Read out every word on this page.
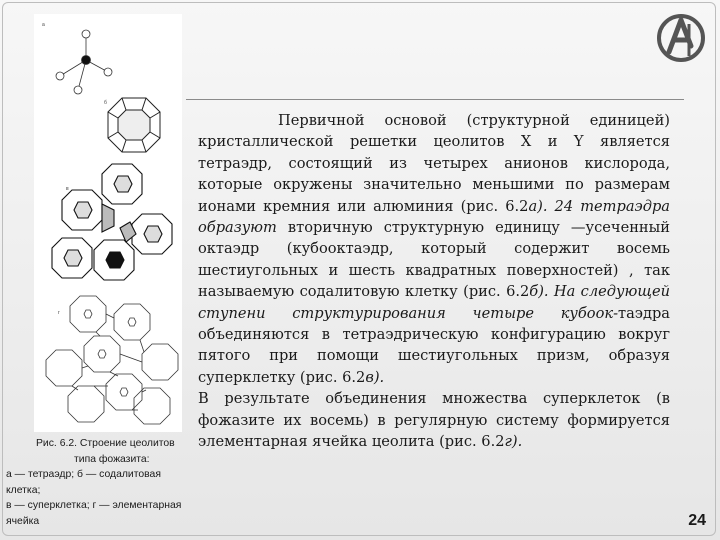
а
б
в
г

Первичной основой (структурной единицей) кристаллической решетки цеолитов X и Y является тетраэдр, состоящий из четырех анионов кислорода, которые окружены значительно меньшими по размерам ионами кремния или алюминия (рис. 6.2а). 24 тетраэдра образуют вторичную структурную единицу —усеченный октаэдр (кубооктаэдр, который содержит восемь шестиугольных и шесть квадратных поверхностей) , так называемую содалитовую клетку (рис. 6.2б). На следующей ступени структурирования четыре кубоок-таэдра объединяются в тетраэдрическую конфигурацию вокруг пятого при помощи шестиугольных призм, образуя суперклетку (рис. 6.2в).

В результате объединения множества суперклеток (в фожазите их восемь) в регулярную систему формируется элементарная ячейка цеолита (рис. 6.2г).

Рис. 6.2. Строение цеолитов
типа фожазита:
а — тетраэдр; б — содалитовая
клетка;
в — суперклетка; г — элементарная
ячейка	24
